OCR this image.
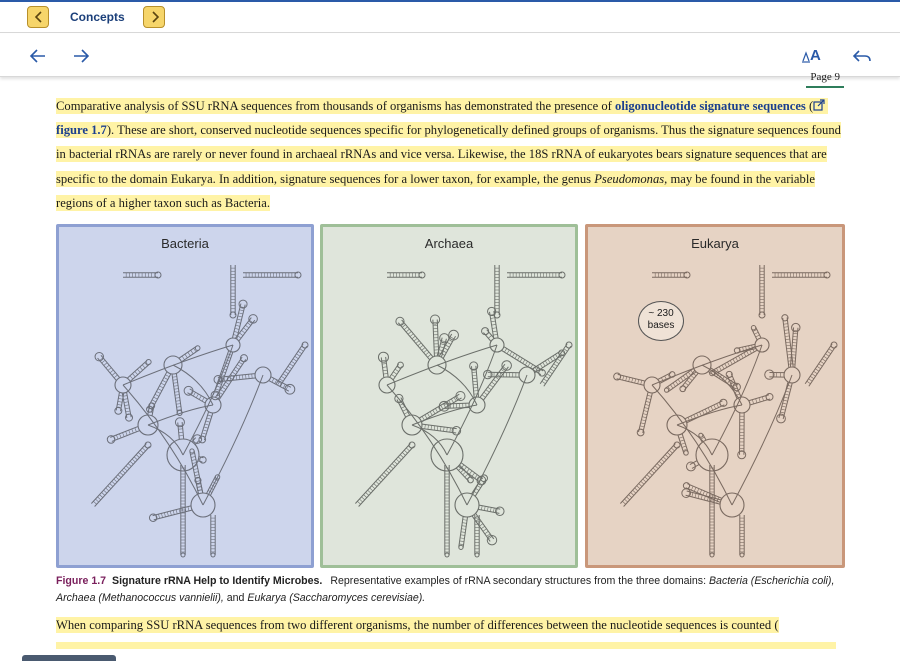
Concepts
A
Page 9
Comparative analysis of SSU rRNA sequences from thousands of organisms has demonstrated the presence of oligonucleotide signature sequences (figure 1.7). These are short, conserved nucleotide sequences specific for phylogenetically defined groups of organisms. Thus the signature sequences found in bacterial rRNAs are rarely or never found in archaeal rRNAs and vice versa. Likewise, the 18S rRNA of eukaryotes bears signature sequences that are specific to the domain Eukarya. In addition, signature sequences for a lower taxon, for example, the genus Pseudomonas, may be found in the variable regions of a higher taxon such as Bacteria.
Bacteria	Archaea	Eukarya
~ 230
bases
Figure 1.7 Signature rRNA Help to Identify Microbes. Representative examples of rRNA secondary structures from the three domains: Bacteria (Escherichia coli), Archaea (Methanococcus vannielii), and Eukarya (Saccharomyces cerevisiae).
When comparing SSU rRNA sequences from two different organisms, the number of differences between the nucleotide sequences is counted (
